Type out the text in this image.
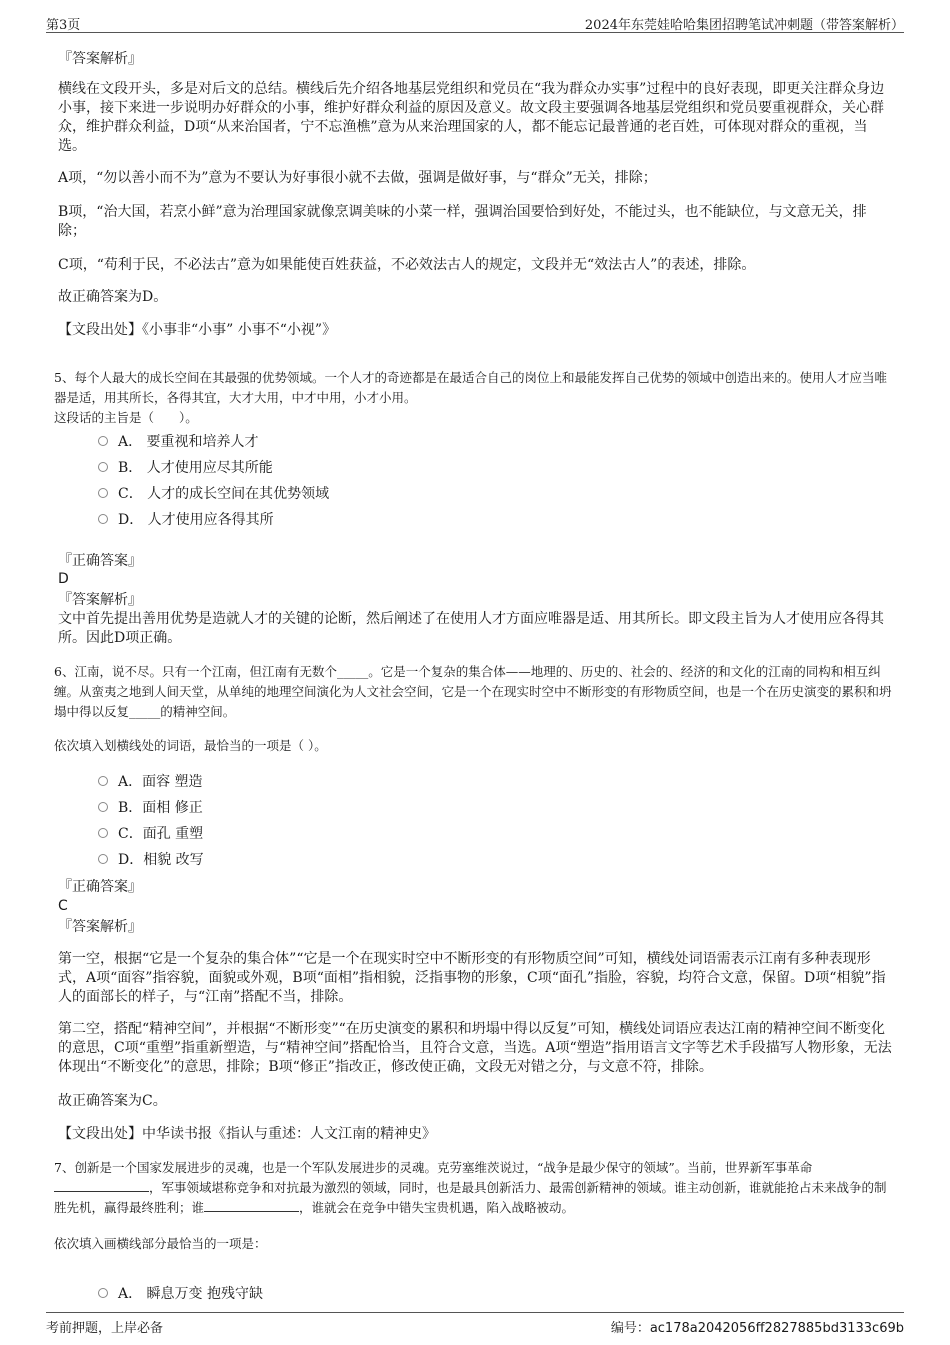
第3页	2024年东莞娃哈哈集团招聘笔试冲刺题（带答案解析）
『答案解析』

横线在文段开头，多是对后文的总结。横线后先介绍各地基层党组织和党员在“我为群众办实事”过程中的良好表现，即更关注群众身边小事，接下来进一步说明办好群众的小事，维护好群众利益的原因及意义。故文段主要强调各地基层党组织和党员要重视群众，关心群众，维护群众利益，D项“从来治国者，宁不忘渔樵”意为从来治理国家的人，都不能忘记最普通的老百姓，可体现对群众的重视，当选。

A项，“勿以善小而不为”意为不要认为好事很小就不去做，强调是做好事，与“群众”无关，排除；

B项，“治大国，若烹小鲜”意为治理国家就像烹调美味的小菜一样，强调治国要恰到好处，不能过头，也不能缺位，与文意无关，排除；

C项，“苟利于民，不必法古”意为如果能使百姓获益，不必效法古人的规定，文段并无“效法古人”的表述，排除。

故正确答案为D。

【文段出处】《小事非“小事” 小事不“小视”》

5、每个人最大的成长空间在其最强的优势领域。一个人才的奇迹都是在最适合自己的岗位上和最能发挥自己优势的领域中创造出来的。使用人才应当唯器是适，用其所长，各得其宜，大才大用，中才中用，小才小用。

这段话的主旨是（　　）。

A． 要重视和培养人才
B． 人才使用应尽其所能
C． 人才的成长空间在其优势领域
D． 人才使用应各得其所
『正确答案』
D
『答案解析』

文中首先提出善用优势是造就人才的关键的论断，然后阐述了在使用人才方面应唯器是适、用其所长。即文段主旨为人才使用应各得其所。因此D项正确。

6、江南，说不尽。只有一个江南，但江南有无数个_____。它是一个复杂的集合体——地理的、历史的、社会的、经济的和文化的江南的同构和相互纠缠。从蛮夷之地到人间天堂，从单纯的地理空间演化为人文社会空间，它是一个在现实时空中不断形变的有形物质空间，也是一个在历史演变的累积和坍塌中得以反复_____的精神空间。

依次填入划横线处的词语，最恰当的一项是（ ）。

A．面容 塑造
B．面相 修正
C．面孔 重塑
D．相貌 改写
『正确答案』
C
『答案解析』

第一空，根据“它是一个复杂的集合体”“它是一个在现实时空中不断形变的有形物质空间”可知，横线处词语需表示江南有多种表现形式，A项“面容”指容貌，面貌或外观，B项“面相”指相貌，泛指事物的形象，C项“面孔”指脸，容貌，均符合文意，保留。D项“相貌”指人的面部长的样子，与“江南”搭配不当，排除。

第二空，搭配“精神空间”，并根据“不断形变”“在历史演变的累积和坍塌中得以反复”可知，横线处词语应表达江南的精神空间不断变化的意思，C项“重塑”指重新塑造，与“精神空间”搭配恰当，且符合文意，当选。A项“塑造”指用语言文字等艺术手段描写人物形象，无法体现出“不断变化”的意思，排除；B项“修正”指改正，修改使正确，文段无对错之分，与文意不符，排除。

故正确答案为C。

【文段出处】中华读书报《指认与重述：人文江南的精神史》

7、创新是一个国家发展进步的灵魂，也是一个军队发展进步的灵魂。克劳塞维茨说过，“战争是最少保守的领域”。当前，世界新军事革命，军事领域堪称竞争和对抗最为激烈的领域，同时，也是最具创新活力、最需创新精神的领域。谁主动创新，谁就能抢占未来战争的制胜先机，赢得最终胜利；谁	，谁就会在竞争中错失宝贵机遇，陷入战略被动。

依次填入画横线部分最恰当的一项是：

A． 瞬息万变 抱残守缺
考前押题，上岸必备	编号：ac178a2042056ff2827885bd3133c69b
